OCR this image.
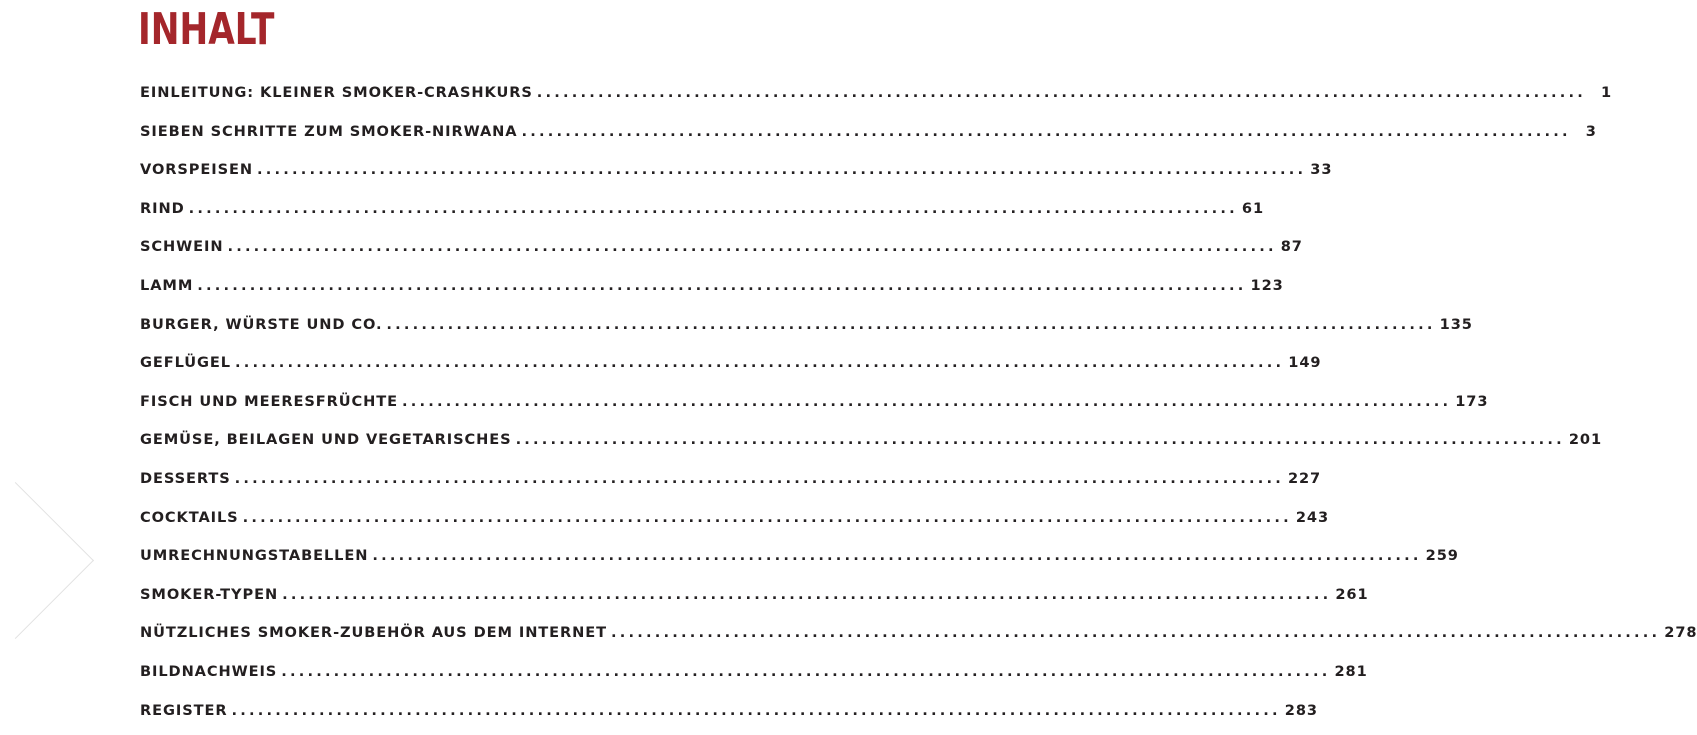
INHALT
EINLEITUNG: KLEINER SMOKER-CRASHKURS ........................................................................................................................	1
SIEBEN SCHRITTE ZUM SMOKER-NIRWANA ........................................................................................................................	3
VORSPEISEN ........................................................................................................................ 33
RIND ........................................................................................................................ 61
SCHWEIN ........................................................................................................................ 87
LAMM ........................................................................................................................ 123
BURGER, WÜRSTE UND CO. ........................................................................................................................ 135
GEFLÜGEL ........................................................................................................................ 149
FISCH UND MEERESFRÜCHTE ........................................................................................................................ 173
GEMÜSE, BEILAGEN UND VEGETARISCHES ........................................................................................................................ 201
DESSERTS ........................................................................................................................ 227
COCKTAILS ........................................................................................................................ 243
UMRECHNUNGSTABELLEN ........................................................................................................................ 259
SMOKER-TYPEN ........................................................................................................................ 261
NÜTZLICHES SMOKER-ZUBEHÖR AUS DEM INTERNET ........................................................................................................................ 278
BILDNACHWEIS ........................................................................................................................ 281
REGISTER ........................................................................................................................ 283
